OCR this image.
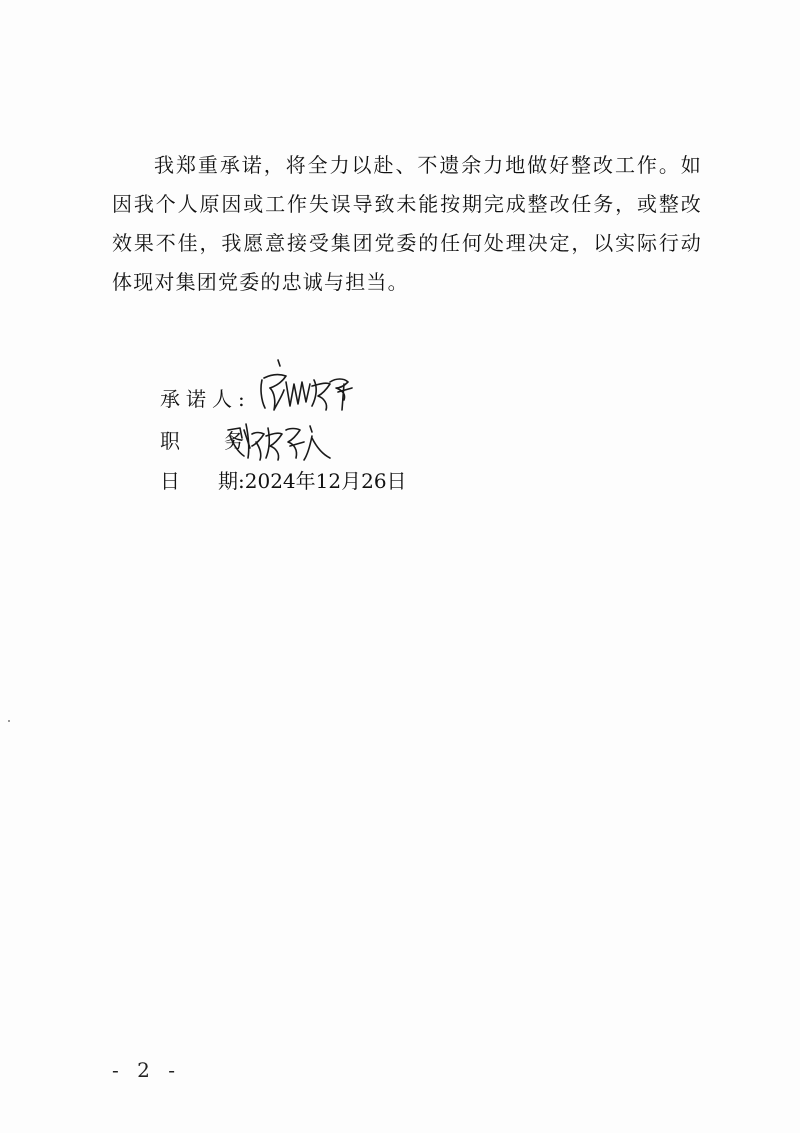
我郑重承诺，将全力以赴、不遗余力地做好整改工作。如因我个人原因或工作失误导致未能按期完成整改任务，或整改效果不佳，我愿意接受集团党委的任何处理决定，以实际行动体现对集团党委的忠诚与担当。

承诺人:
职 务
日 期:2024年12月26日
- 2 -
